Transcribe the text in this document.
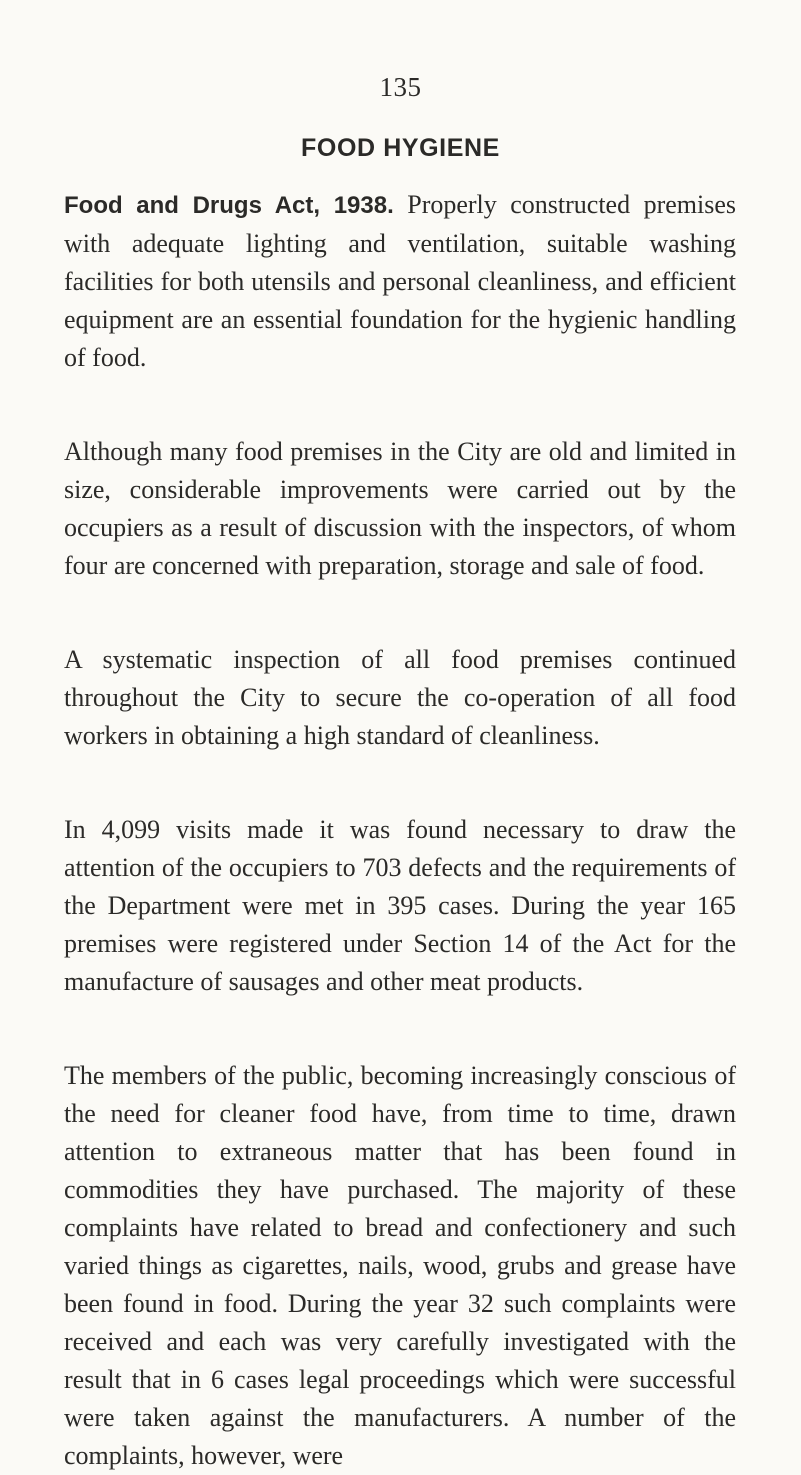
135
FOOD HYGIENE

Food and Drugs Act, 1938. Properly constructed premises with adequate lighting and ventilation, suitable washing facilities for both utensils and personal cleanliness, and efficient equipment are an essential foundation for the hygienic handling of food.

Although many food premises in the City are old and limited in size, considerable improvements were carried out by the occupiers as a result of discussion with the inspectors, of whom four are concerned with preparation, storage and sale of food.

A systematic inspection of all food premises continued throughout the City to secure the co-operation of all food workers in obtaining a high standard of cleanliness.

In 4,099 visits made it was found necessary to draw the attention of the occupiers to 703 defects and the requirements of the Department were met in 395 cases. During the year 165 premises were registered under Section 14 of the Act for the manufacture of sausages and other meat products.

The members of the public, becoming increasingly conscious of the need for cleaner food have, from time to time, drawn attention to extraneous matter that has been found in commodities they have purchased. The majority of these complaints have related to bread and confectionery and such varied things as cigarettes, nails, wood, grubs and grease have been found in food. During the year 32 such complaints were received and each was very carefully investigated with the result that in 6 cases legal proceedings which were successful were taken against the manufacturers. A number of the complaints, however, were
